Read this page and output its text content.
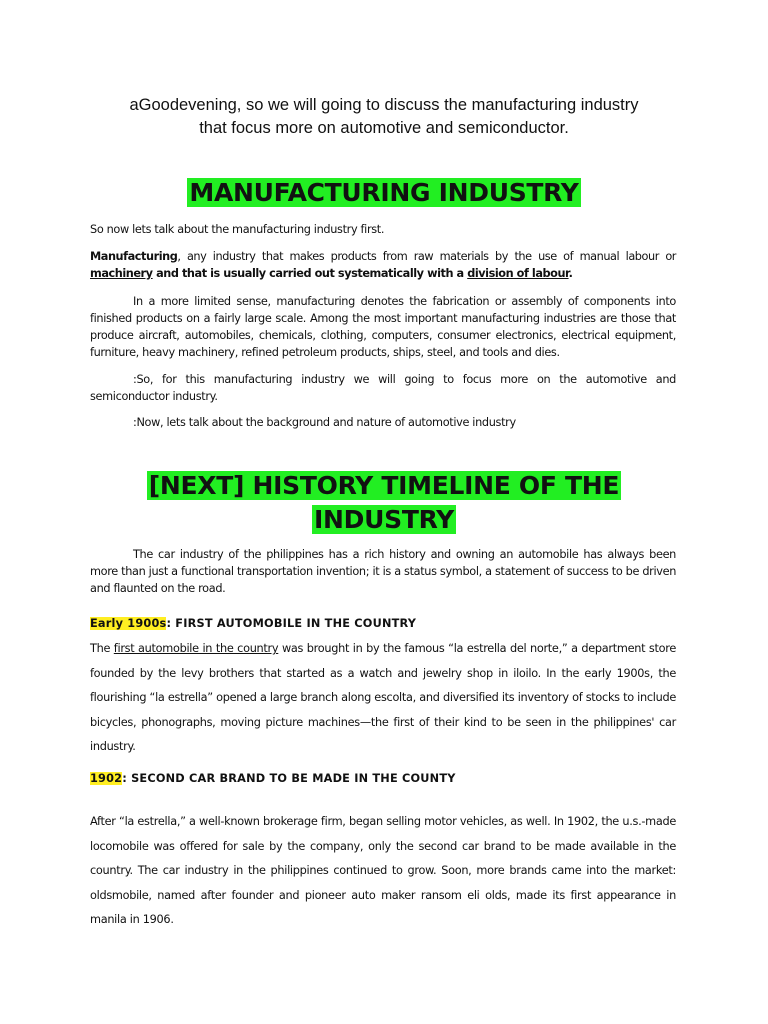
aGoodevening, so we will going to discuss the manufacturing industry
that focus more on automotive and semiconductor.
MANUFACTURING INDUSTRY

So now lets talk about the manufacturing industry first.

Manufacturing, any industry that makes products from raw materials by the use of manual labour or machinery and that is usually carried out systematically with a division of labour.

In a more limited sense, manufacturing denotes the fabrication or assembly of components into finished products on a fairly large scale. Among the most important manufacturing industries are those that produce aircraft, automobiles, chemicals, clothing, computers, consumer electronics, electrical equipment, furniture, heavy machinery, refined petroleum products, ships, steel, and tools and dies.

:So, for this manufacturing industry we will going to focus more on the automotive and semiconductor industry.

:Now, lets talk about the background and nature of automotive industry

[NEXT] HISTORY TIMELINE OF THE
INDUSTRY

The car industry of the philippines has a rich history and owning an automobile has always been more than just a functional transportation invention; it is a status symbol, a statement of success to be driven and flaunted on the road.

Early 1900s: FIRST AUTOMOBILE IN THE COUNTRY

The first automobile in the country was brought in by the famous “la estrella del norte,” a department store founded by the levy brothers that started as a watch and jewelry shop in iloilo. In the early 1900s, the flourishing “la estrella” opened a large branch along escolta, and diversified its inventory of stocks to include bicycles, phonographs, moving picture machines—the first of their kind to be seen in the philippines' car industry.

1902: SECOND CAR BRAND TO BE MADE IN THE COUNTY

After “la estrella,” a well-known brokerage firm, began selling motor vehicles, as well. In 1902, the u.s.-made locomobile was offered for sale by the company, only the second car brand to be made available in the country. The car industry in the philippines continued to grow. Soon, more brands came into the market: oldsmobile, named after founder and pioneer auto maker ransom eli olds, made its first appearance in manila in 1906.
